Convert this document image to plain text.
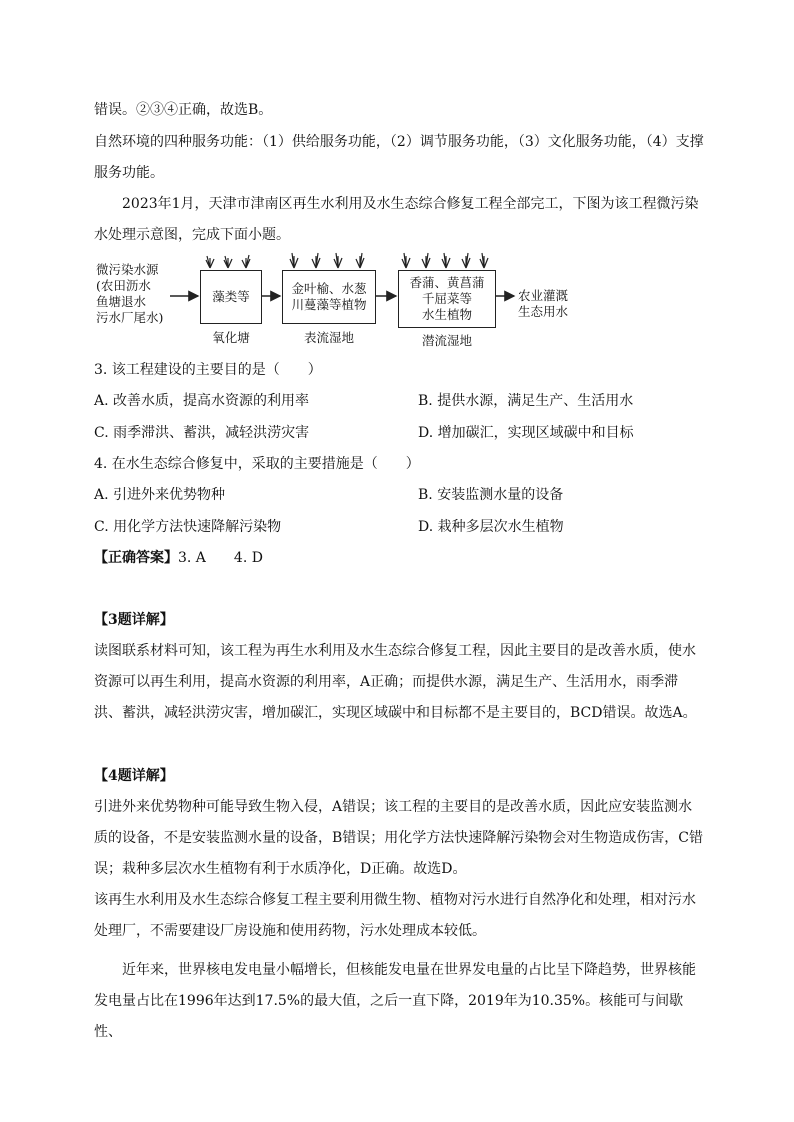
错误。②③④正确，故选B。

自然环境的四种服务功能：（1）供给服务功能，（2）调节服务功能，（3）文化服务功能，（4）支撑服务功能。

2023年1月，天津市津南区再生水利用及水生态综合修复工程全部完工，下图为该工程微污染水处理示意图，完成下面小题。

微污染水源
(农田沥水
鱼塘退水
污水厂尾水)
藻类等
氧化塘
金叶榆、水葱
川蔓藻等植物
表流湿地
香蒲、黄菖蒲
千屈菜等
水生植物
潜流湿地
农业灌溉
生态用水

3. 该工程建设的主要目的是（　　）

A. 改善水质，提高水资源的利用率	B. 提供水源，满足生产、生活用水
C. 雨季滞洪、蓄洪，减轻洪涝灾害	D. 增加碳汇，实现区域碳中和目标

4. 在水生态综合修复中，采取的主要措施是（　　）

A. 引进外来优势物种	B. 安装监测水量的设备
C. 用化学方法快速降解污染物	D. 栽种多层次水生植物

【正确答案】3. A　　4. D

【3题详解】

读图联系材料可知，该工程为再生水利用及水生态综合修复工程，因此主要目的是改善水质，使水资源可以再生利用，提高水资源的利用率，A正确；而提供水源，满足生产、生活用水，雨季滞洪、蓄洪，减轻洪涝灾害，增加碳汇，实现区域碳中和目标都不是主要目的，BCD错误。故选A。

【4题详解】

引进外来优势物种可能导致生物入侵，A错误；该工程的主要目的是改善水质，因此应安装监测水质的设备，不是安装监测水量的设备，B错误；用化学方法快速降解污染物会对生物造成伤害，C错误；栽种多层次水生植物有利于水质净化，D正确。故选D。

该再生水利用及水生态综合修复工程主要利用微生物、植物对污水进行自然净化和处理，相对污水处理厂，不需要建设厂房设施和使用药物，污水处理成本较低。

近年来，世界核电发电量小幅增长，但核能发电量在世界发电量的占比呈下降趋势，世界核能发电量占比在1996年达到17.5%的最大值，之后一直下降，2019年为10.35%。核能可与间歇性、
